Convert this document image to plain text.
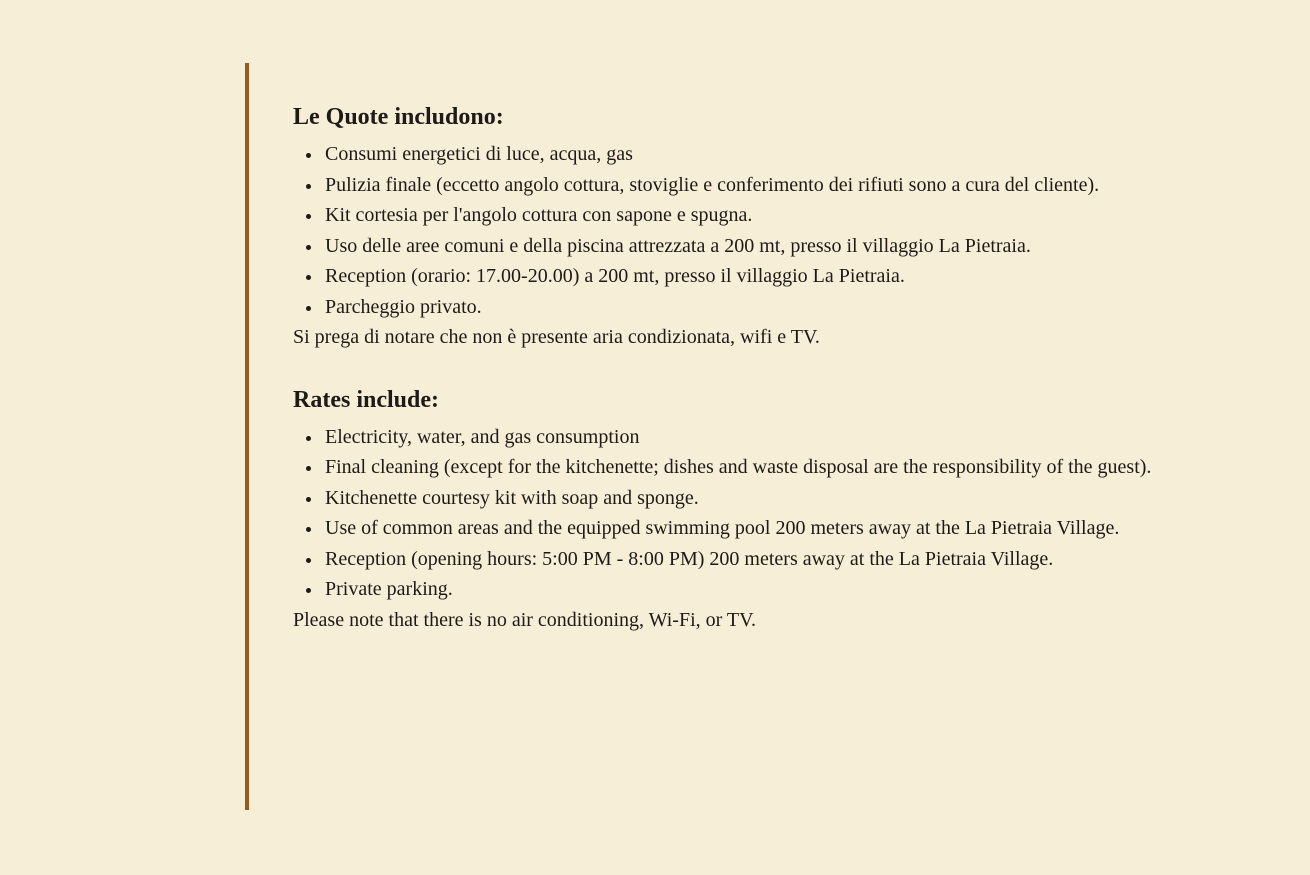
Le Quote includono:
Consumi energetici di luce, acqua, gas
Pulizia finale (eccetto angolo cottura, stoviglie e conferimento dei rifiuti sono a cura del cliente).
Kit cortesia per l'angolo cottura con sapone e spugna.
Uso delle aree comuni e della piscina attrezzata a 200 mt, presso il villaggio La Pietraia.
Reception (orario: 17.00-20.00) a 200 mt, presso il villaggio La Pietraia.
Parcheggio privato.

Si prega di notare che non è presente aria condizionata, wifi e TV.

Rates include:
Electricity, water, and gas consumption
Final cleaning (except for the kitchenette; dishes and waste disposal are the responsibility of the guest).
Kitchenette courtesy kit with soap and sponge.
Use of common areas and the equipped swimming pool 200 meters away at the La Pietraia Village.
Reception (opening hours: 5:00 PM - 8:00 PM) 200 meters away at the La Pietraia Village.
Private parking.

Please note that there is no air conditioning, Wi-Fi, or TV.
